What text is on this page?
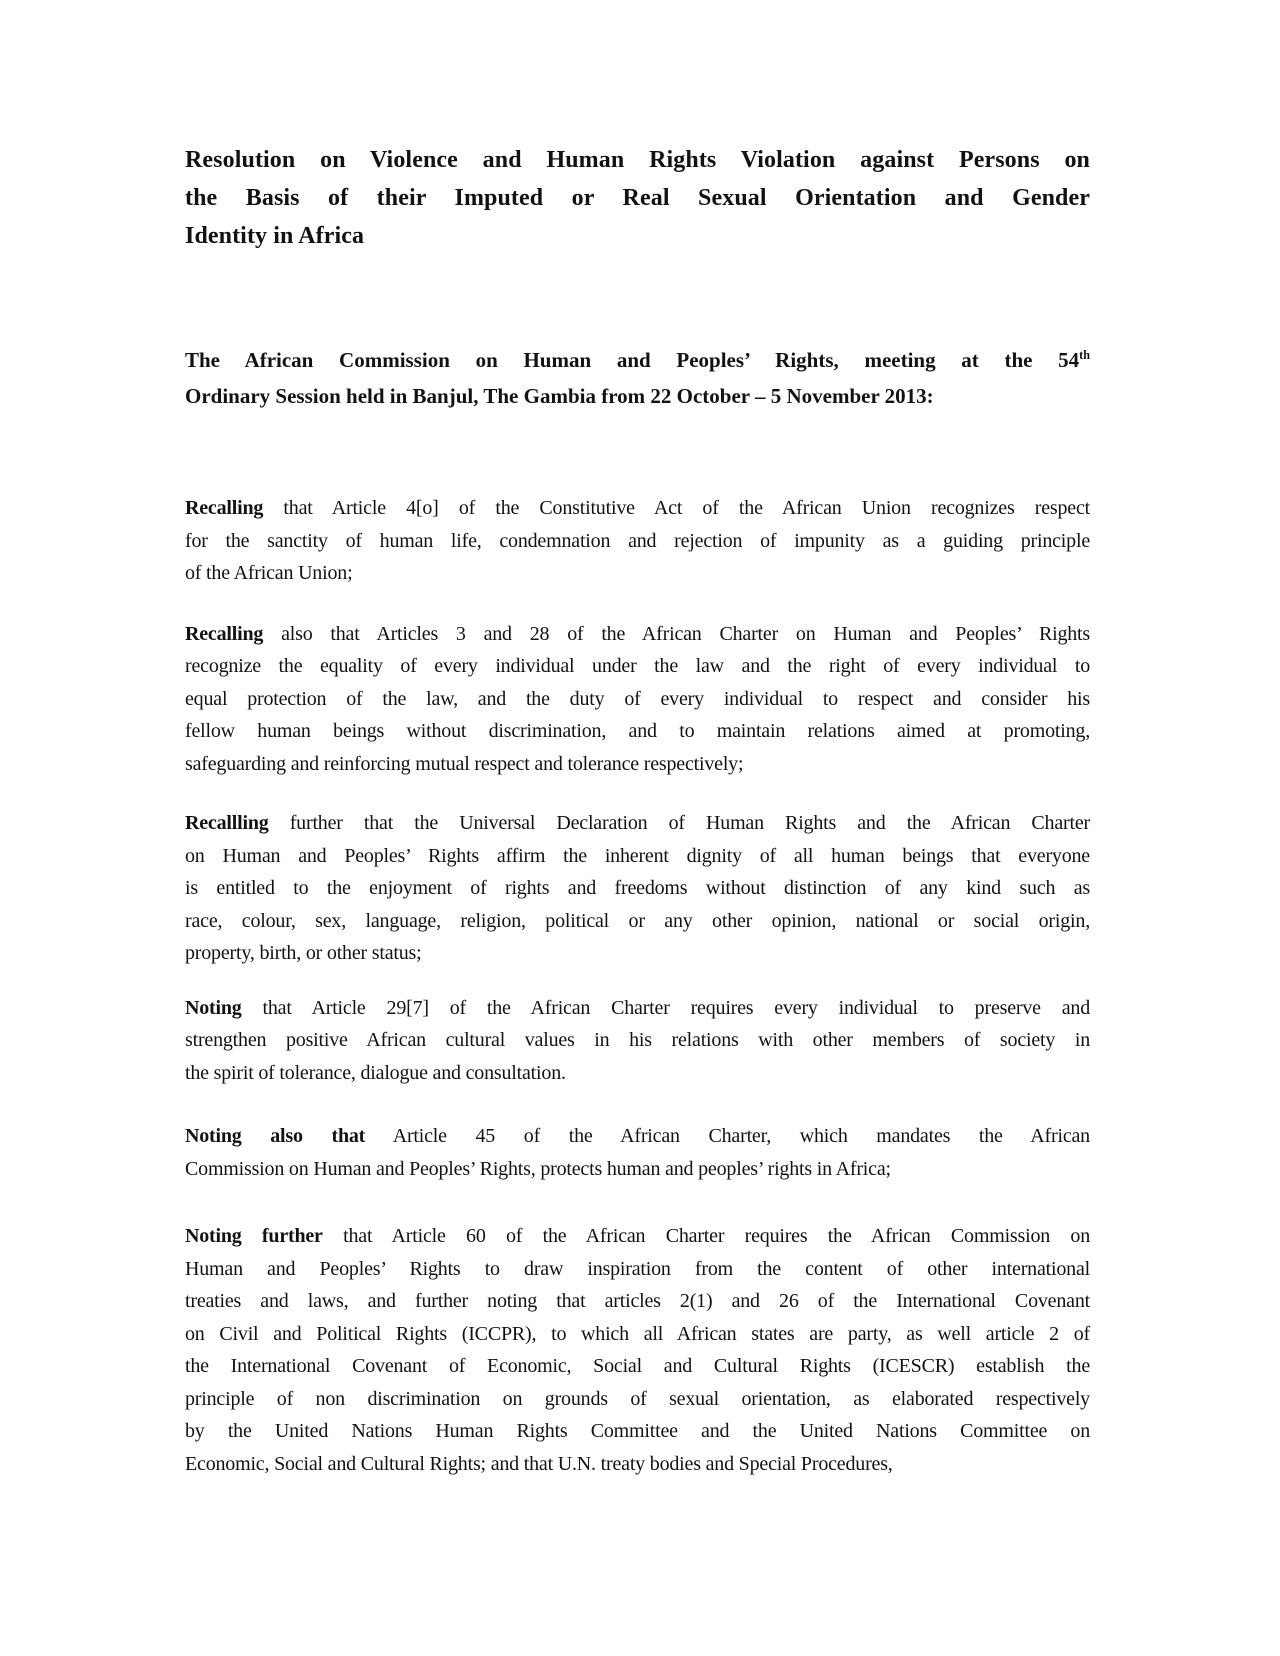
Resolution on Violence and Human Rights Violation against Persons on
the Basis of their Imputed or Real Sexual Orientation and Gender
Identity in Africa
The African Commission on Human and Peoples’ Rights, meeting at the 54th
Ordinary Session held in Banjul, The Gambia from 22 October – 5 November 2013:
Recalling that Article 4[o] of the Constitutive Act of the African Union recognizes respect
for the sanctity of human life, condemnation and rejection of impunity as a guiding principle
of the African Union;
Recalling also that Articles 3 and 28 of the African Charter on Human and Peoples’ Rights
recognize the equality of every individual under the law and the right of every individual to
equal protection of the law, and the duty of every individual to respect and consider his
fellow human beings without discrimination, and to maintain relations aimed at promoting,
safeguarding and reinforcing mutual respect and tolerance respectively;
Recallling further that the Universal Declaration of Human Rights and the African Charter
on Human and Peoples’ Rights affirm the inherent dignity of all human beings that everyone
is entitled to the enjoyment of rights and freedoms without distinction of any kind such as
race, colour, sex, language, religion, political or any other opinion, national or social origin,
property, birth, or other status;
Noting that Article 29[7] of the African Charter requires every individual to preserve and
strengthen positive African cultural values in his relations with other members of society in
the spirit of tolerance, dialogue and consultation.
Noting also that Article 45 of the African Charter, which mandates the African
Commission on Human and Peoples’ Rights, protects human and peoples’ rights in Africa;
Noting further that Article 60 of the African Charter requires the African Commission on
Human and Peoples’ Rights to draw inspiration from the content of other international
treaties and laws, and further noting that articles 2(1) and 26 of the International Covenant
on Civil and Political Rights (ICCPR), to which all African states are party, as well article 2 of
the International Covenant of Economic, Social and Cultural Rights (ICESCR) establish the
principle of non discrimination on grounds of sexual orientation, as elaborated respectively
by the United Nations Human Rights Committee and the United Nations Committee on
Economic, Social and Cultural Rights; and that U.N. treaty bodies and Special Procedures,
